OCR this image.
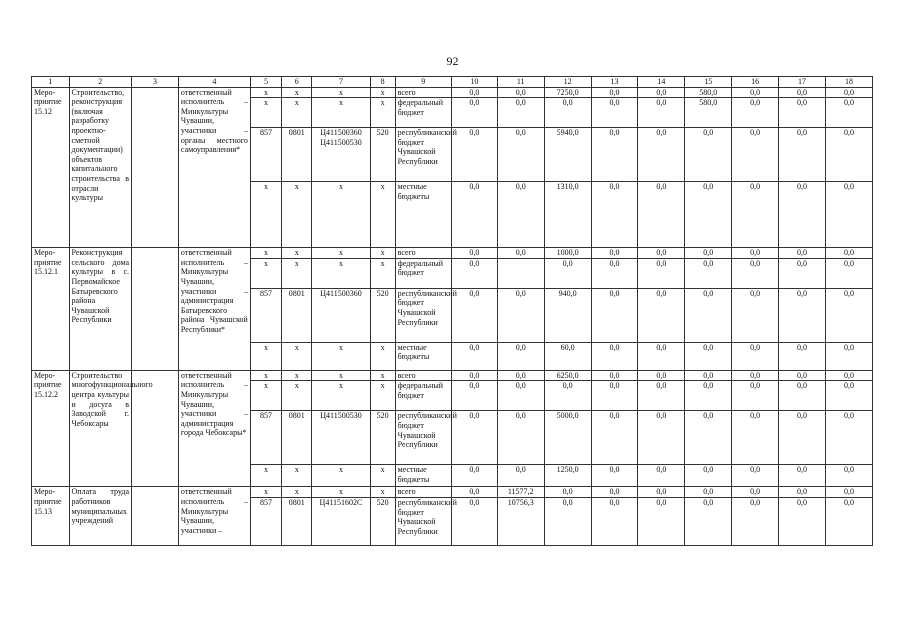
92
1	2	3	4	5	6	7	8	9	10	11	12	13	14	15	16	17	18
Меро-приятие 15.12	Строительство, реконструкция (включая разработку проектно-сметной документации) объектов капитального строительства в отрасли культуры		ответственный исполнитель – Минкультуры Чувашии, участники – органы местного самоуправления*	x	x	x	x	всего	0,0	0,0	7250,0	0,0	0,0	580,0	0,0	0,0	0,0
				x	x	x	x	федеральный бюджет	0,0	0,0	0,0	0,0	0,0	580,0	0,0	0,0	0,0
				857	0801	Ц411500360 Ц411500530	520	республиканский бюджет Чувашской Республики	0,0	0,0	5940,0	0,0	0,0	0,0	0,0	0,0	0,0
				x	x	x	x	местные бюджеты	0,0	0,0	1310,0	0,0	0,0	0,0	0,0	0,0	0,0
Меро-приятие 15.12.1	Реконструкция сельского дома культуры в с. Первомайское Батыревского района Чувашской Республики		ответственный исполнитель – Минкультуры Чувашии, участники – администрация Батыревского района Чувашской Республики*	x	x	x	x	всего	0,0	0,0	1000,0	0,0	0,0	0,0	0,0	0,0	0,0
				x	x	x	x	федеральный бюджет	0,0		0,0	0,0	0,0	0,0	0,0	0,0	0,0
				857	0801	Ц411500360	520	республиканский бюджет Чувашской Республики	0,0	0,0	940,0	0,0	0,0	0,0	0,0	0,0	0,0
				x	x	x	x	местные бюджеты	0,0	0,0	60,0	0,0	0,0	0,0	0,0	0,0	0,0
Меро-приятие 15.12.2	Строительство многофункционального центра культуры и досуга в Заводской г. Чебоксары		ответственный исполнитель – Минкультуры Чувашии, участники – администрация города Чебоксары*	x	x	x	x	всего	0,0	0,0	6250,0	0,0	0,0	0,0	0,0	0,0	0,0
				x	x	x	x	федеральный бюджет	0,0	0,0	0,0	0,0	0,0	0,0	0,0	0,0	0,0
				857	0801	Ц411500530	520	республиканский бюджет Чувашской Республики	0,0	0,0	5000,0	0,0	0,0	0,0	0,0	0,0	0,0
				x	x	x	x	местные бюджеты	0,0	0,0	1250,0	0,0	0,0	0,0	0,0	0,0	0,0
Меро-приятие 15.13	Оплата труда работников муниципальных учреждений		ответственный исполнитель – Минкультуры Чувашии, участники –	x	x	x	x	всего	0,0	11577,2	0,0	0,0	0,0	0,0	0,0	0,0	0,0
				857	0801	Ц41151602С	520	республиканский бюджет Чувашской Республики	0,0	10756,3	0,0	0,0	0,0	0,0	0,0	0,0	0,0
